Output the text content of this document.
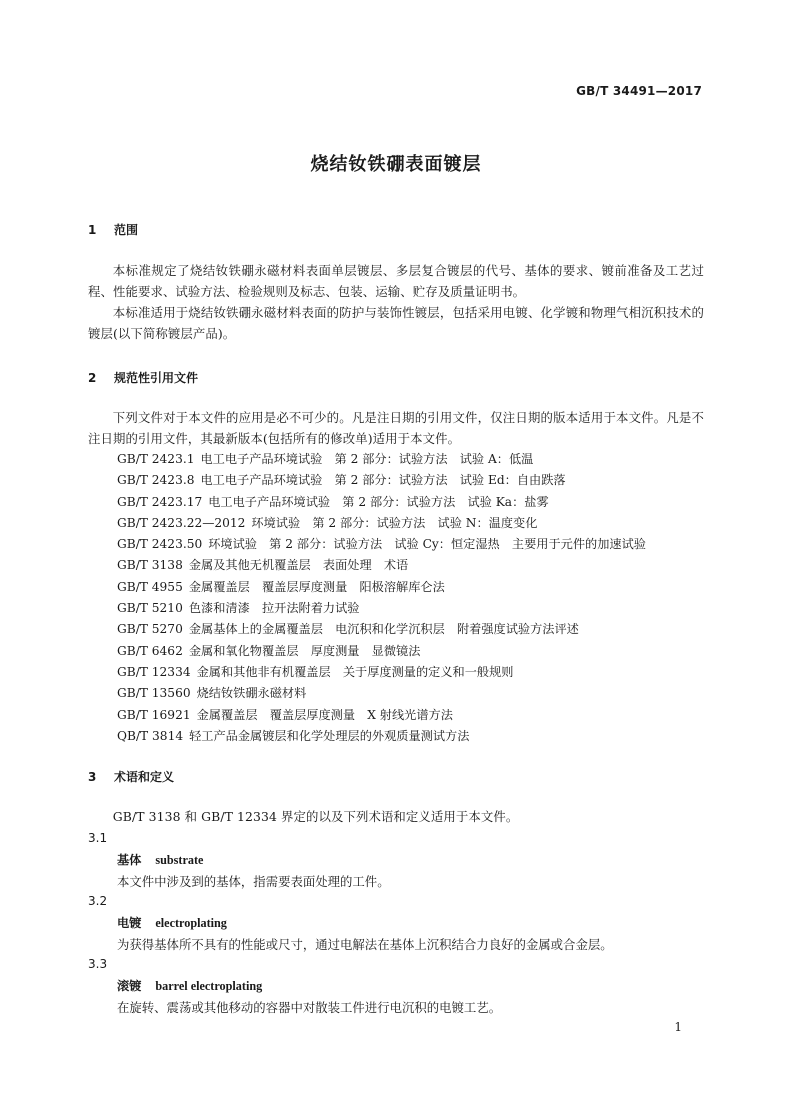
GB/T 34491—2017
烧结钕铁硼表面镀层
1 范围
本标准规定了烧结钕铁硼永磁材料表面单层镀层、多层复合镀层的代号、基体的要求、镀前准备及工艺过程、性能要求、试验方法、检验规则及标志、包装、运输、贮存及质量证明书。
本标准适用于烧结钕铁硼永磁材料表面的防护与装饰性镀层，包括采用电镀、化学镀和物理气相沉积技术的镀层(以下简称镀层产品)。
2 规范性引用文件
下列文件对于本文件的应用是必不可少的。凡是注日期的引用文件，仅注日期的版本适用于本文件。凡是不注日期的引用文件，其最新版本(包括所有的修改单)适用于本文件。
GB/T 2423.1 电工电子产品环境试验　第 2 部分：试验方法　试验 A：低温
GB/T 2423.8 电工电子产品环境试验　第 2 部分：试验方法　试验 Ed：自由跌落
GB/T 2423.17 电工电子产品环境试验　第 2 部分：试验方法　试验 Ka：盐雾
GB/T 2423.22—2012 环境试验　第 2 部分：试验方法　试验 N：温度变化
GB/T 2423.50 环境试验　第 2 部分：试验方法　试验 Cy：恒定湿热　主要用于元件的加速试验
GB/T 3138 金属及其他无机覆盖层　表面处理　术语
GB/T 4955 金属覆盖层　覆盖层厚度测量　阳极溶解库仑法
GB/T 5210 色漆和清漆　拉开法附着力试验
GB/T 5270 金属基体上的金属覆盖层　电沉积和化学沉积层　附着强度试验方法评述
GB/T 6462 金属和氧化物覆盖层　厚度测量　显微镜法
GB/T 12334 金属和其他非有机覆盖层　关于厚度测量的定义和一般规则
GB/T 13560 烧结钕铁硼永磁材料
GB/T 16921 金属覆盖层　覆盖层厚度测量　X 射线光谱方法
QB/T 3814 轻工产品金属镀层和化学处理层的外观质量测试方法
3 术语和定义
GB/T 3138 和 GB/T 12334 界定的以及下列术语和定义适用于本文件。
3.1
基体 substrate
本文件中涉及到的基体，指需要表面处理的工件。
3.2
电镀 electroplating
为获得基体所不具有的性能或尺寸，通过电解法在基体上沉积结合力良好的金属或合金层。
3.3
滚镀 barrel electroplating
在旋转、震荡或其他移动的容器中对散装工件进行电沉积的电镀工艺。
1
